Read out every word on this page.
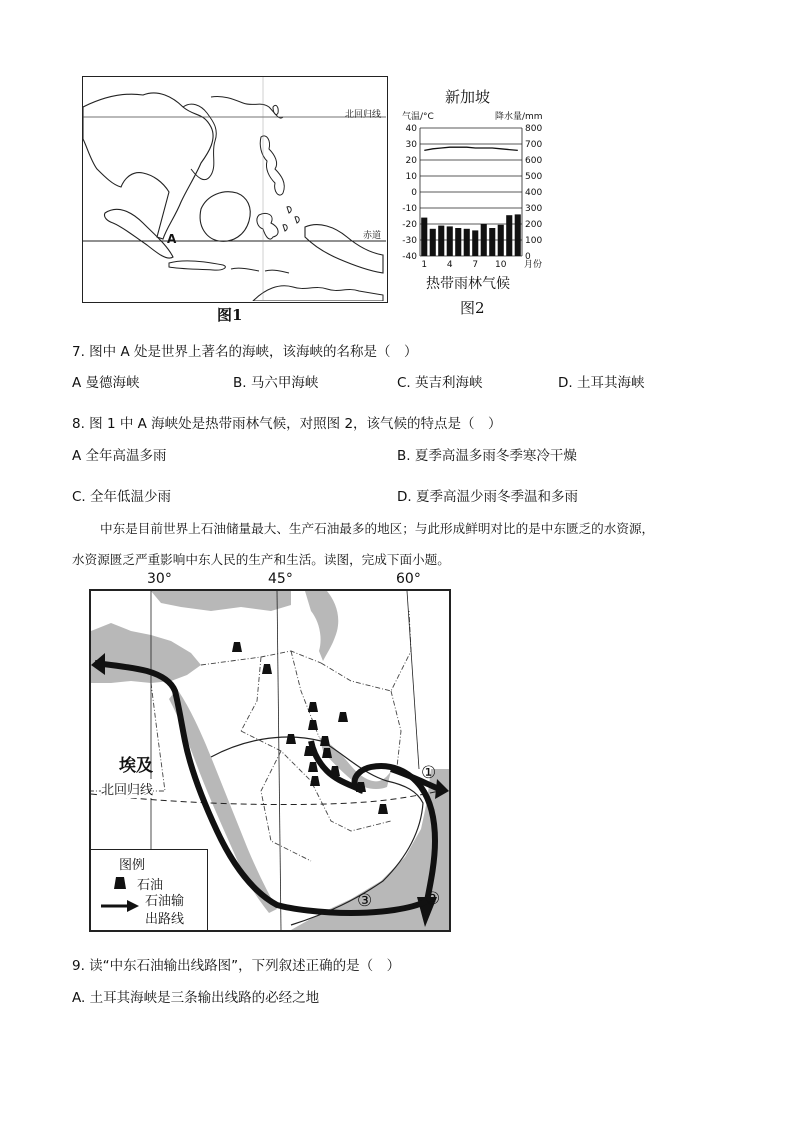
北回归线
赤道
A
图1
新加坡
气温/°C	降水量/mm
40
30
20
10
0
-10
-20
-30
-40
800
700
600
500
400
300
200
100
0
1 4 7 10 月份
热带雨林气候
图2
7. 图中 A 处是世界上著名的海峡，该海峡的名称是（　）
A 曼德海峡	B. 马六甲海峡	C. 英吉利海峡	D. 土耳其海峡
8. 图 1 中 A 海峡处是热带雨林气候，对照图 2，该气候的特点是（　）
A 全年高温多雨	B. 夏季高温多雨冬季寒冷干燥
C. 全年低温少雨	D. 夏季高温少雨冬季温和多雨
中东是目前世界上石油储量最大、生产石油最多的地区；与此形成鲜明对比的是中东匮乏的水资源，
水资源匮乏严重影响中东人民的生产和生活。读图，完成下面小题。
30°	45°	60°
埃及
北回归线
①
②
③
图例
石油
石油输
出路线
9. 读“中东石油输出线路图”，下列叙述正确的是（　）
A. 土耳其海峡是三条输出线路的必经之地
